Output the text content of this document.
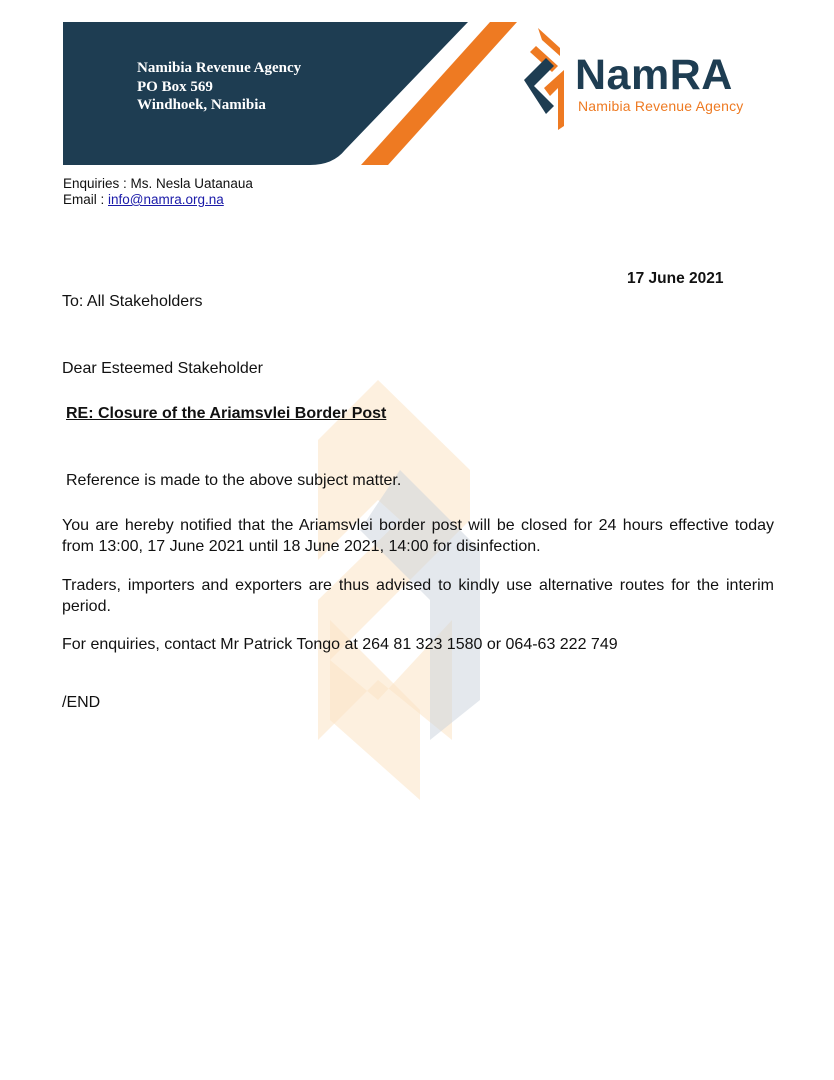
Namibia Revenue Agency
PO Box 569
Windhoek, Namibia
NamRA
Namibia Revenue Agency
Enquiries : Ms. Nesla Uatanaua
Email : info@namra.org.na
17 June 2021
To: All Stakeholders
Dear Esteemed Stakeholder
RE: Closure of the Ariamsvlei Border Post
Reference is made to the above subject matter.
You are hereby notified that the Ariamsvlei border post will be closed for 24 hours effective today from 13:00, 17 June 2021 until 18 June 2021, 14:00 for disinfection.
Traders, importers and exporters are thus advised to kindly use alternative routes for the interim period.
For enquiries, contact Mr Patrick Tongo at 264 81 323 1580 or 064-63 222 749
/END
